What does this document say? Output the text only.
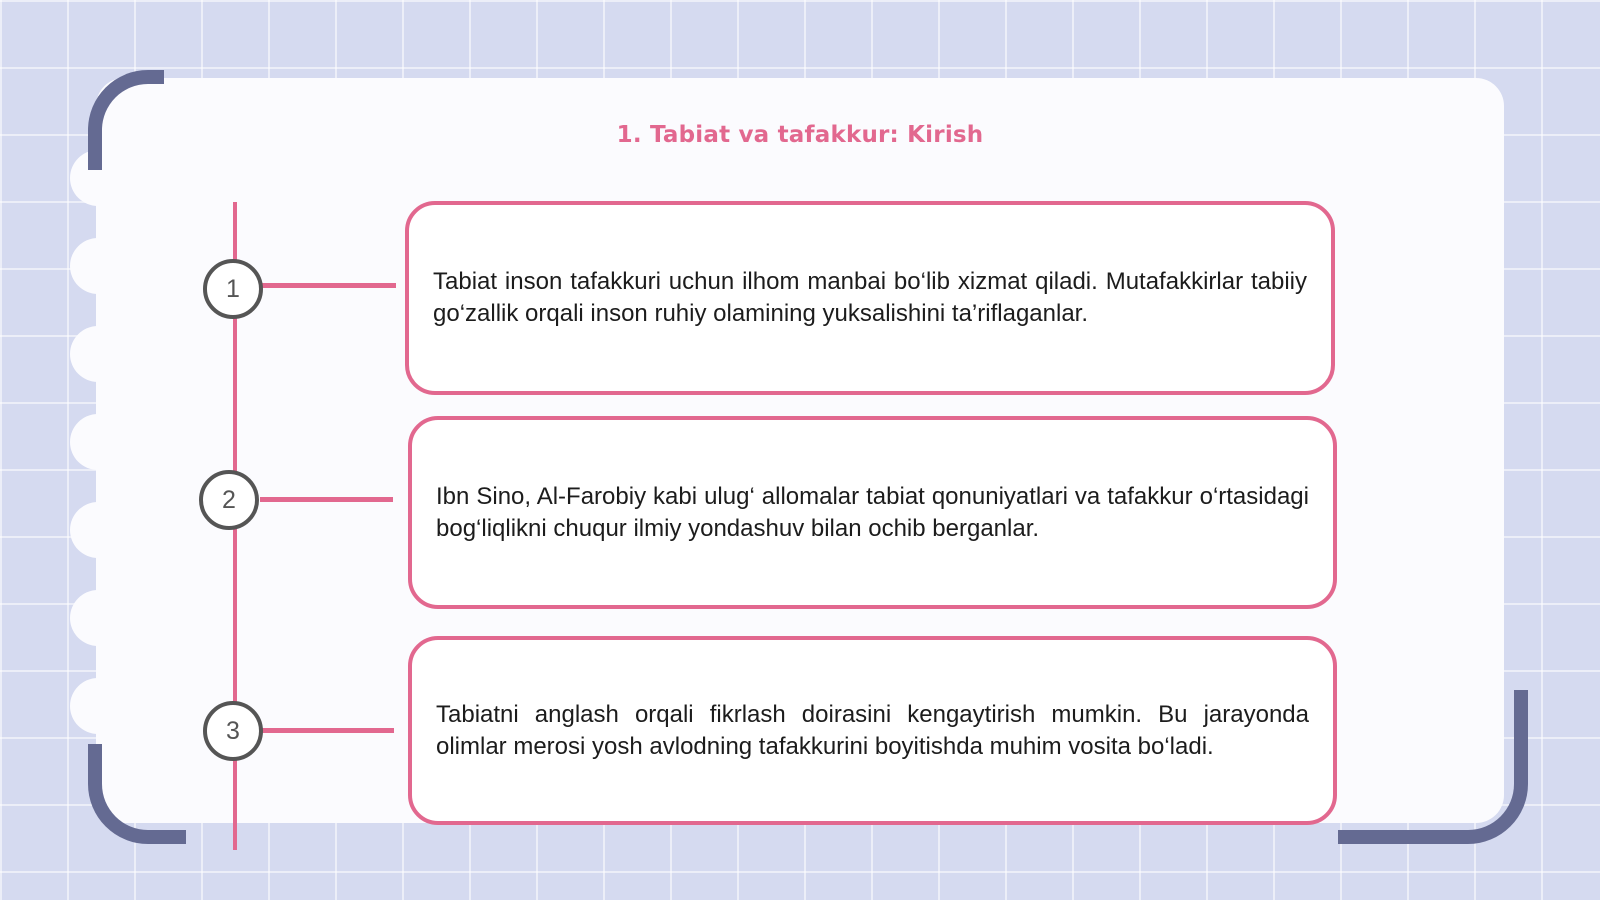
1. Tabiat va tafakkur: Kirish
1
2
3
Tabiat inson tafakkuri uchun ilhom manbai bo‘lib xizmat qiladi. Mutafakkirlar tabiiy go‘zallik orqali inson ruhiy olamining yuksalishini ta’riflaganlar.
Ibn Sino, Al-Farobiy kabi ulug‘ allomalar tabiat qonuniyatlari va tafakkur o‘rtasidagi bog‘liqlikni chuqur ilmiy yondashuv bilan ochib berganlar.
Tabiatni anglash orqali fikrlash doirasini kengaytirish mumkin. Bu jarayonda olimlar merosi yosh avlodning tafakkurini boyitishda muhim vosita bo‘ladi.
